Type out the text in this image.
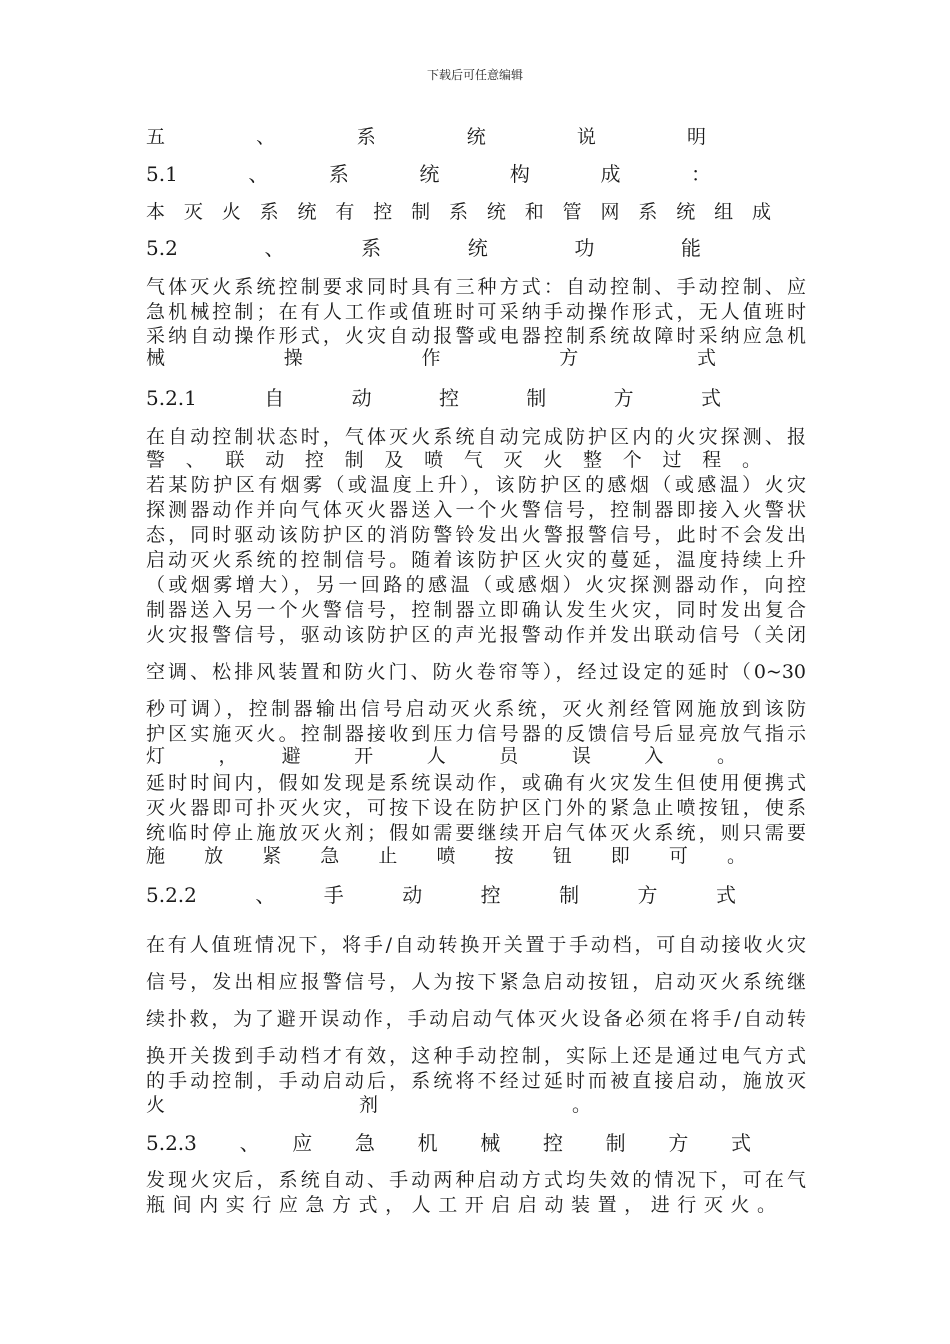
下载后可任意编辑
五　　、　　系　　统　　说　　明
5.1　、　系　统　构　成　：
本灭火系统有控制系统和管网系统组成
5.2　、　系　统　功　能
气体灭火系统控制要求同时具有三种方式：自动控制、手动控制、应
急机械控制；在有人工作或值班时可采纳手动操作形式，无人值班时
采纳自动操作形式，火灾自动报警或电器控制系统故障时采纳应急机
械　　操　　作　　方　　式
5.2.1　自　动　控　制　方　式
在自动控制状态时，气体灭火系统自动完成防护区内的火灾探测、报
警、联动控制及喷气灭火整个过程。
若某防护区有烟雾（或温度上升），该防护区的感烟（或感温）火灾
探测器动作并向气体灭火器送入一个火警信号，控制器即接入火警状
态，同时驱动该防护区的消防警铃发出火警报警信号，此时不会发出
启动灭火系统的控制信号。随着该防护区火灾的蔓延，温度持续上升
（或烟雾增大），另一回路的感温（或感烟）火灾探测器动作，向控
制器送入另一个火警信号，控制器立即确认发生火灾，同时发出复合
火灾报警信号，驱动该防护区的声光报警动作并发出联动信号（关闭
空调、松排风装置和防火门、防火卷帘等），经过设定的延时（0~30
秒可调），控制器输出信号启动灭火系统，灭火剂经管网施放到该防
护区实施灭火。控制器接收到压力信号器的反馈信号后显亮放气指示
灯　，　避　开　人　员　误　入　。
延时时间内，假如发现是系统误动作，或确有火灾发生但使用便携式
灭火器即可扑灭火灾，可按下设在防护区门外的紧急止喷按钮，使系
统临时停止施放灭火剂；假如需要继续开启气体灭火系统，则只需要
施　放　紧　急　止　喷　按　钮　即　可　。
5.2.2　、　手　动　控　制　方　式
在有人值班情况下，将手/自动转换开关置于手动档，可自动接收火灾
信号，发出相应报警信号，人为按下紧急启动按钮，启动灭火系统继
续扑救，为了避开误动作，手动启动气体灭火设备必须在将手/自动转
换开关拨到手动档才有效，这种手动控制，实际上还是通过电气方式
的手动控制，手动启动后，系统将不经过延时而被直接启动，施放灭
火　　剂　　。
5.2.3　、　应　急　机　械　控　制　方　式
发现火灾后，系统自动、手动两种启动方式均失效的情况下，可在气
瓶间内实行应急方式，人工开启启动装置，进行灭火。
